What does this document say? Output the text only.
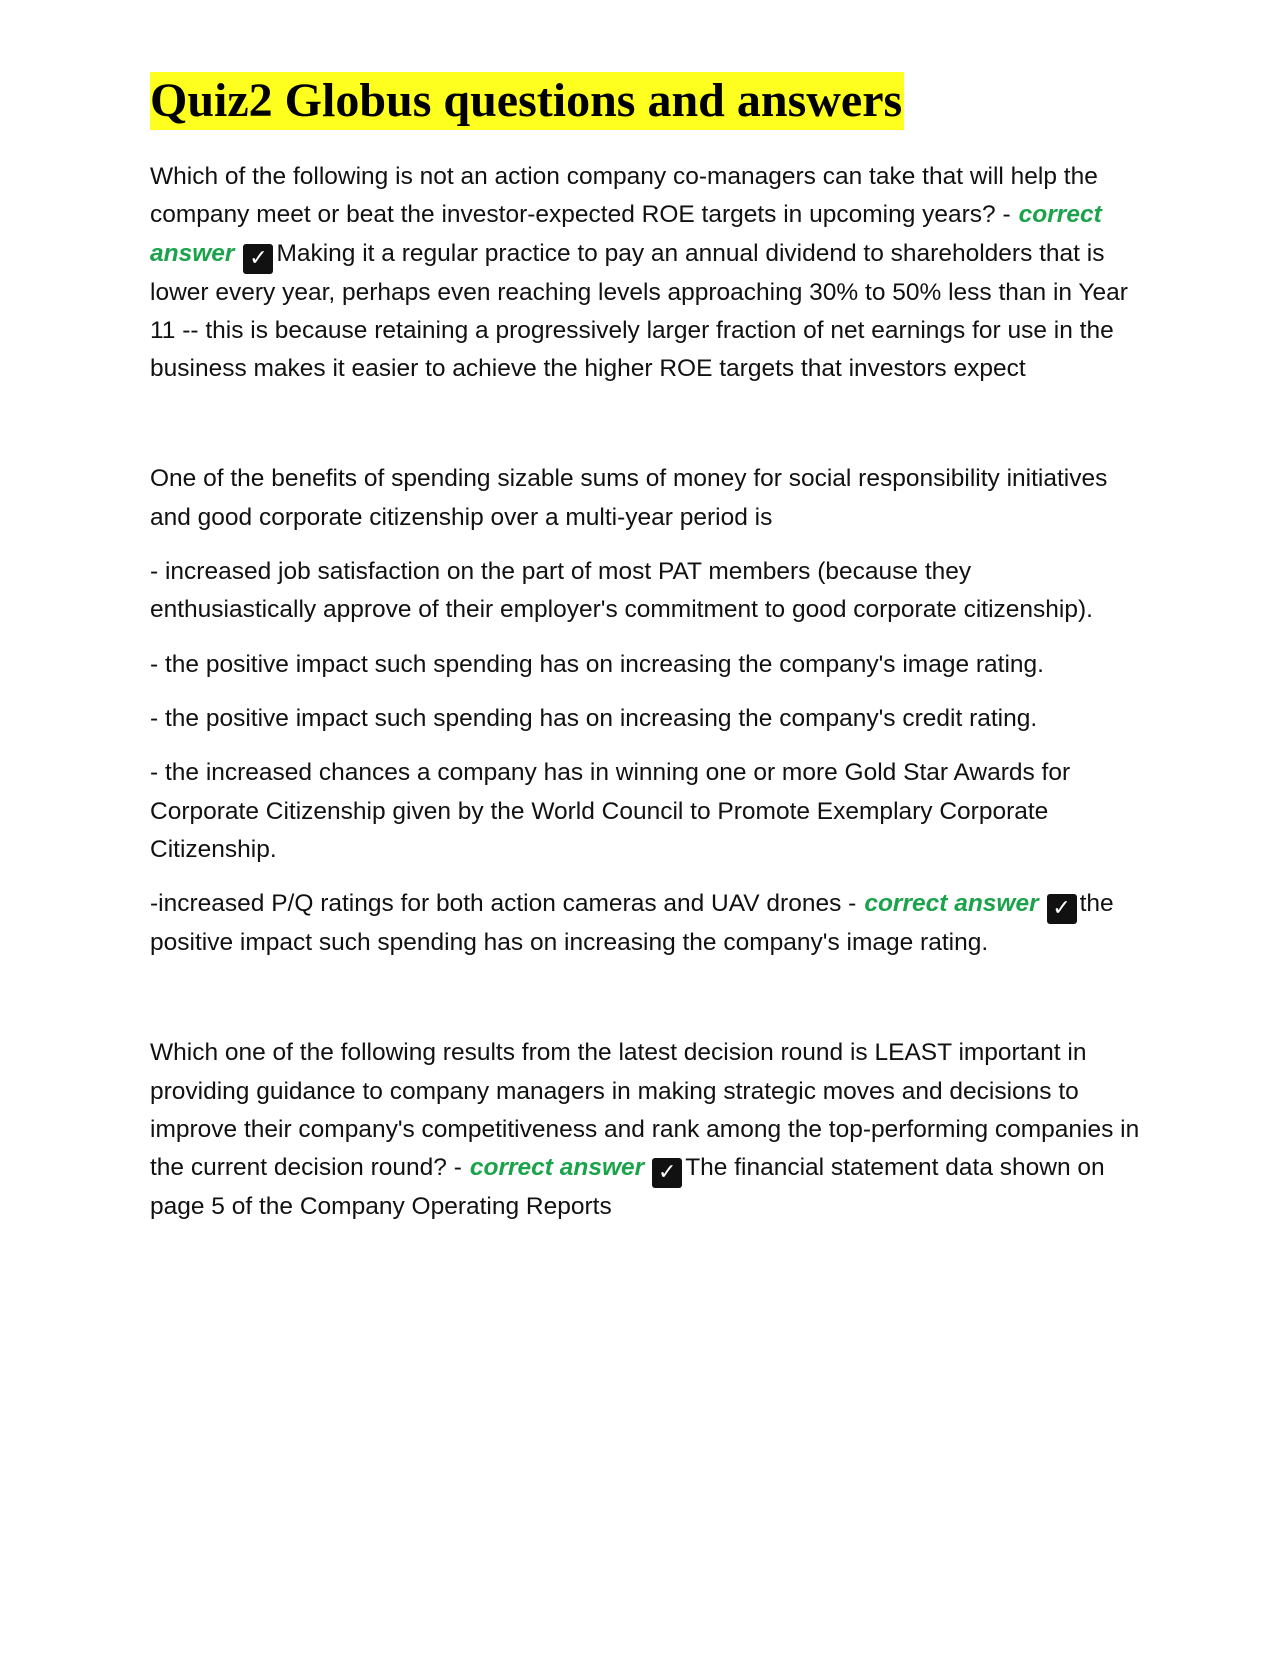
Quiz2 Globus questions and answers

Which of the following is not an action company co-managers can take that will help the company meet or beat the investor-expected ROE targets in upcoming years? - correct answer ✓ Making it a regular practice to pay an annual dividend to shareholders that is lower every year, perhaps even reaching levels approaching 30% to 50% less than in Year 11 -- this is because retaining a progressively larger fraction of net earnings for use in the business makes it easier to achieve the higher ROE targets that investors expect

One of the benefits of spending sizable sums of money for social responsibility initiatives and good corporate citizenship over a multi-year period is

- increased job satisfaction on the part of most PAT members (because they enthusiastically approve of their employer's commitment to good corporate citizenship).

- the positive impact such spending has on increasing the company's image rating.

- the positive impact such spending has on increasing the company's credit rating.

- the increased chances a company has in winning one or more Gold Star Awards for Corporate Citizenship given by the World Council to Promote Exemplary Corporate Citizenship.

-increased P/Q ratings for both action cameras and UAV drones - correct answer ✓ the positive impact such spending has on increasing the company's image rating.

Which one of the following results from the latest decision round is LEAST important in providing guidance to company managers in making strategic moves and decisions to improve their company's competitiveness and rank among the top-performing companies in the current decision round? - correct answer ✓ The financial statement data shown on page 5 of the Company Operating Reports
